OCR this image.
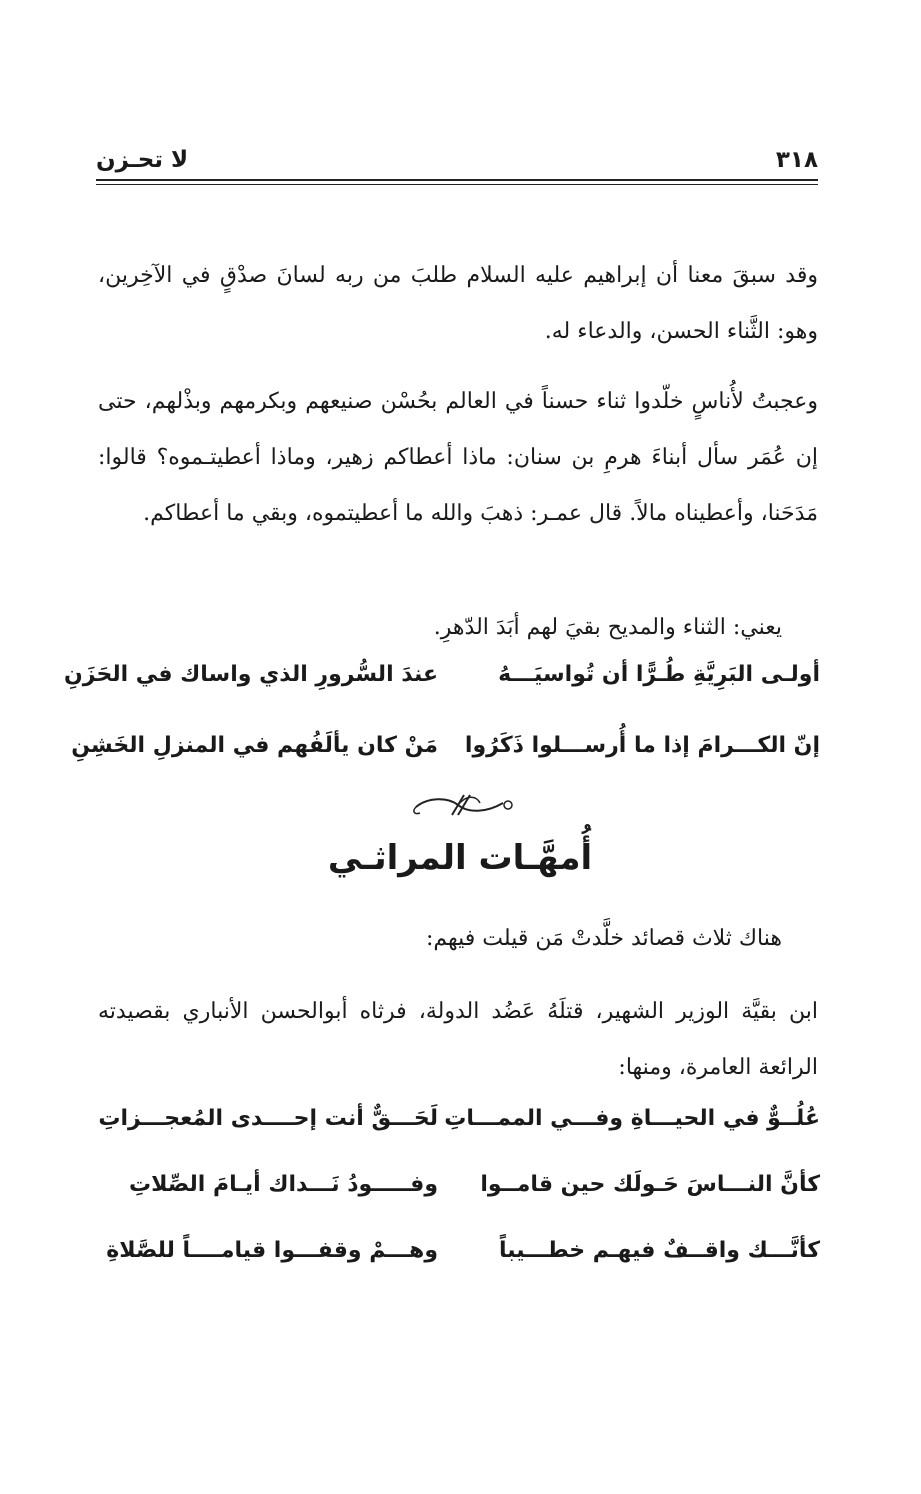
٣١٨
لا تحـزن

وقد سبقَ معنا أن إبراهيم عليه السلام طلبَ من ربه لسانَ صدْقٍ في الآخِرين، وهو: الثَّناء الحسن، والدعاء له.

وعجبتُ لأُناسٍ خلّدوا ثناء حسناً في العالم بحُسْن صنيعهم وبكرمهم وبذْلهم، حتى إن عُمَر سأل أبناءَ هرمِ بن سنان: ماذا أعطاكم زهير، وماذا أعطيتـموه؟ قالوا: مَدَحَنا، وأعطيناه مالاً. قال عمـر: ذهبَ والله ما أعطيتموه، وبقي ما أعطاكم.

يعني: الثناء والمديح بقيَ لهم أبَدَ الدّهرِ.

أولـى البَرِيَّةِ طُـرًّا أن تُواسيَـــهُ
عندَ السُّرورِ الذي واساك في الحَزَنِ
إنّ الكـــرامَ إذا ما أُرســـلوا ذَكَرُوا
مَنْ كان يألَفُهم في المنزلِ الخَشِنِ
أُمهَّـات المراثـي

هناك ثلاث قصائد خلَّدتْ مَن قيلت فيهم:

ابن بقيَّة الوزير الشهير، قتلَهُ عَضُد الدولة، فرثاه أبوالحسن الأنباري بقصيدته الرائعة العامرة، ومنها:

عُلُــوٌّ في الحيـــاةِ وفـــي الممـــاتِ
لَحَـــقٌّ أنت إحــــدى المُعجـــزاتِ
كأنَّ النـــاسَ حَـولَك حين قامــوا
وفـــــودُ نَـــداك أيـامَ الصِّلاتِ
كأنَّـــك واقــفٌ فيهـم خطـــيباً
وهـــمْ وقفـــوا قيامــــاً للصَّلاةِ
